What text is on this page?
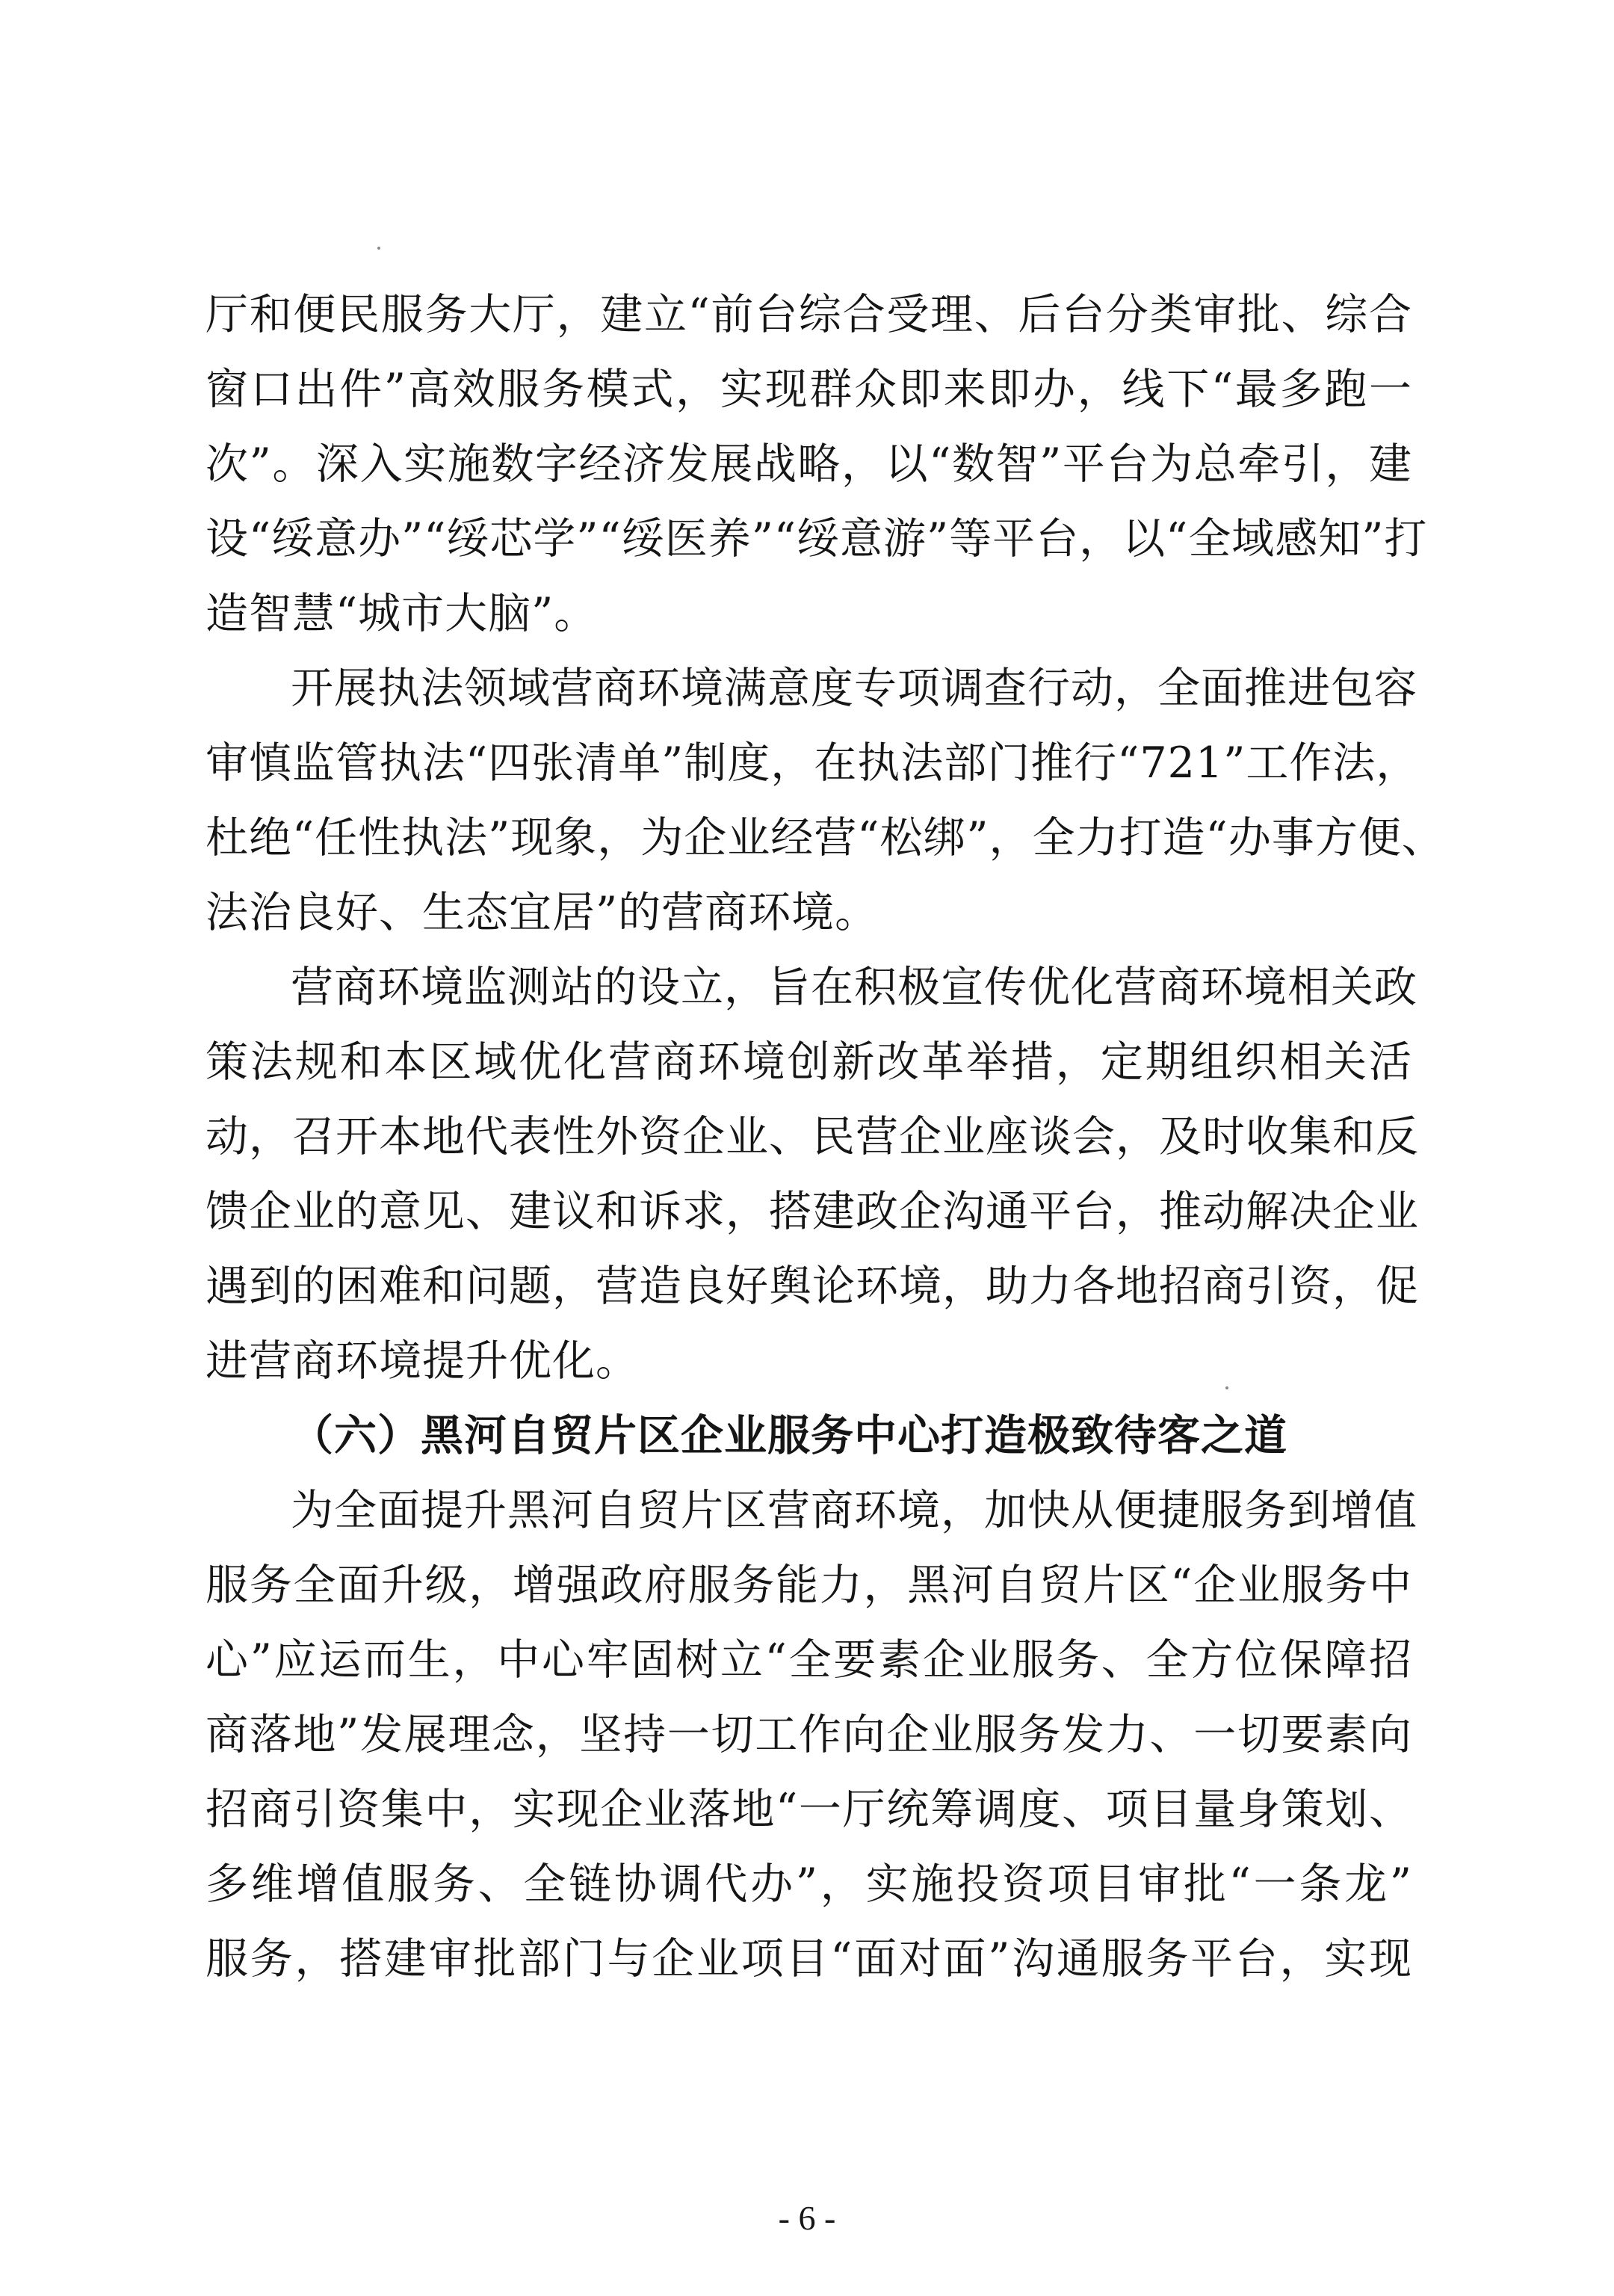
厅和便民服务大厅，建立“前台综合受理、后台分类审批、综合
窗口出件”高效服务模式，实现群众即来即办，线下“最多跑一
次”。深入实施数字经济发展战略，以“数智”平台为总牵引，建
设“绥意办”“绥芯学”“绥医养”“绥意游”等平台，以“全域感知”打
造智慧“城市大脑”。
开展执法领域营商环境满意度专项调查行动，全面推进包容
审慎监管执法“四张清单”制度，在执法部门推行“721”工作法，
杜绝“任性执法”现象，为企业经营“松绑”，全力打造“办事方便、
法治良好、生态宜居”的营商环境。
营商环境监测站的设立，旨在积极宣传优化营商环境相关政
策法规和本区域优化营商环境创新改革举措，定期组织相关活
动，召开本地代表性外资企业、民营企业座谈会，及时收集和反
馈企业的意见、建议和诉求，搭建政企沟通平台，推动解决企业
遇到的困难和问题，营造良好舆论环境，助力各地招商引资，促
进营商环境提升优化。
（六）黑河自贸片区企业服务中心打造极致待客之道
为全面提升黑河自贸片区营商环境，加快从便捷服务到增值
服务全面升级，增强政府服务能力，黑河自贸片区“企业服务中
心”应运而生，中心牢固树立“全要素企业服务、全方位保障招
商落地”发展理念，坚持一切工作向企业服务发力、一切要素向
招商引资集中，实现企业落地“一厅统筹调度、项目量身策划、
多维增值服务、全链协调代办”，实施投资项目审批“一条龙”
服务，搭建审批部门与企业项目“面对面”沟通服务平台，实现
- 6 -
